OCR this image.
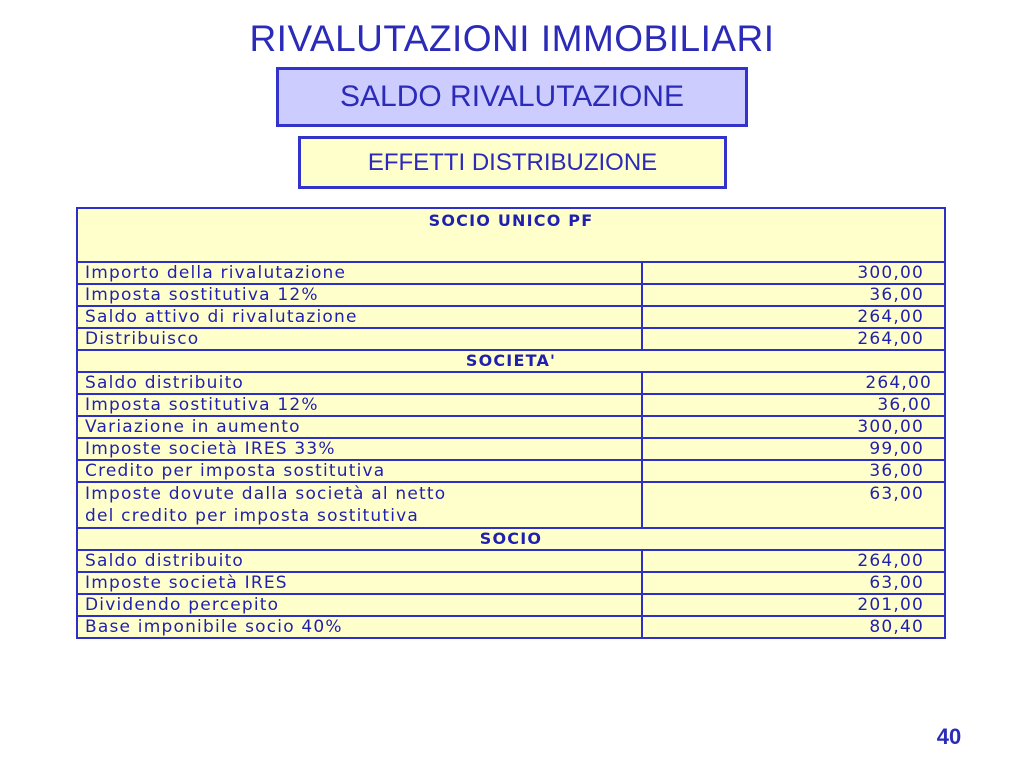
RIVALUTAZIONI IMMOBILIARI
SALDO RIVALUTAZIONE
EFFETTI DISTRIBUZIONE
SOCIO UNICO PF	
Importo della rivalutazione	300,00
Imposta sostitutiva 12%	36,00
Saldo attivo di rivalutazione	264,00
Distribuisco	264,00
SOCIETA'	
Saldo distribuito	264,00
Imposta sostitutiva 12%	36,00
Variazione in aumento	300,00
Imposte società IRES 33%	99,00
Credito per imposta sostitutiva	36,00

Imposte dovute dalla società al netto
del credito per imposta sostitutiva	63,00
SOCIO	
Saldo distribuito	264,00
Imposte società IRES	63,00
Dividendo percepito	201,00
Base imponibile socio 40%	80,40
40
